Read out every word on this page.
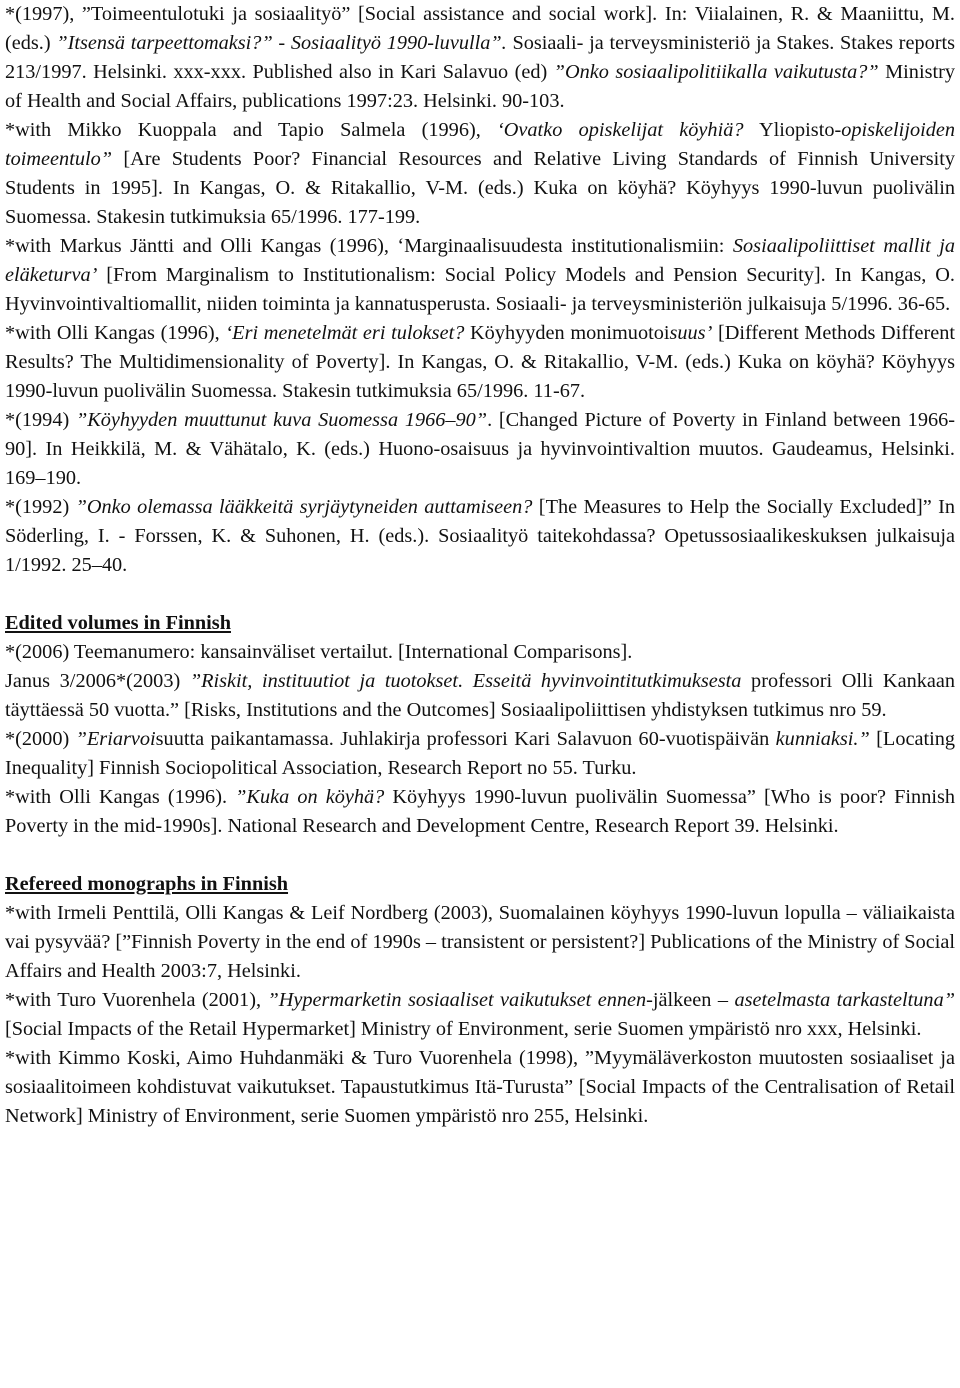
*(1997), ”Toimeentulotuki ja sosiaalityö” [Social assistance and social work]. In: Viialainen, R. & Maaniittu, M. (eds.) ”Itsensä tarpeettomaksi?” - Sosiaalityö 1990-luvulla”. Sosiaali- ja terveysministeriö ja Stakes. Stakes reports 213/1997. Helsinki. xxx-xxx. Published also in Kari Salavuo (ed) ”Onko sosiaalipolitiikalla vaikutusta?” Ministry of Health and Social Affairs, publications 1997:23. Helsinki. 90-103.

*with Mikko Kuoppala and Tapio Salmela (1996), ‘Ovatko opiskelijat köyhiä? Yliopisto-opiskelijoiden toimeentulo” [Are Students Poor? Financial Resources and Relative Living Standards of Finnish University Students in 1995]. In Kangas, O. & Ritakallio, V-M. (eds.) Kuka on köyhä? Köyhyys 1990-luvun puolivälin Suomessa. Stakesin tutkimuksia 65/1996. 177-199.

*with Markus Jäntti and Olli Kangas (1996), ‘Marginaalisuudesta institutionalismiin: Sosiaalipoliittiset mallit ja eläketurva’ [From Marginalism to Institutionalism: Social Policy Models and Pension Security]. In Kangas, O. Hyvinvointivaltiomallit, niiden toiminta ja kannatusperusta. Sosiaali- ja terveysministeriön julkaisuja 5/1996. 36-65.

*with Olli Kangas (1996), ‘Eri menetelmät eri tulokset? Köyhyyden monimuotoisuus’ [Different Methods Different Results? The Multidimensionality of Poverty]. In Kangas, O. & Ritakallio, V-M. (eds.) Kuka on köyhä? Köyhyys 1990-luvun puolivälin Suomessa. Stakesin tutkimuksia 65/1996. 11-67.

*(1994) ”Köyhyyden muuttunut kuva Suomessa 1966–90”. [Changed Picture of Poverty in Finland between 1966-90]. In Heikkilä, M. & Vähätalo, K. (eds.) Huono-osaisuus ja hyvinvointivaltion muutos. Gaudeamus, Helsinki. 169–190.

*(1992) ”Onko olemassa lääkkeitä syrjäytyneiden auttamiseen? [The Measures to Help the Socially Excluded]” In Söderling, I. - Forssen, K. & Suhonen, H. (eds.). Sosiaalityö taitekohdassa? Opetussosiaalikeskuksen julkaisuja 1/1992. 25–40.

Edited volumes in Finnish

*(2006) Teemanumero: kansainväliset vertailut. [International Comparisons].

Janus 3/2006*(2003) ”Riskit, instituutiot ja tuotokset. Esseitä hyvinvointitutkimuksesta professori Olli Kankaan täyttäessä 50 vuotta.” [Risks, Institutions and the Outcomes] Sosiaalipoliittisen yhdistyksen tutkimus nro 59.

*(2000) ”Eriarvoisuutta paikantamassa. Juhlakirja professori Kari Salavuon 60-vuotispäivän kunniaksi.” [Locating Inequality] Finnish Sociopolitical Association, Research Report no 55. Turku.

*with Olli Kangas (1996). ”Kuka on köyhä? Köyhyys 1990-luvun puolivälin Suomessa” [Who is poor? Finnish Poverty in the mid-1990s]. National Research and Development Centre, Research Report 39. Helsinki.

Refereed monographs in Finnish

*with Irmeli Penttilä, Olli Kangas & Leif Nordberg (2003), Suomalainen köyhyys 1990-luvun lopulla – väliaikaista vai pysyvää? [”Finnish Poverty in the end of 1990s – transistent or persistent?] Publications of the Ministry of Social Affairs and Health 2003:7, Helsinki.

*with Turo Vuorenhela (2001), ”Hypermarketin sosiaaliset vaikutukset ennen-jälkeen – asetelmasta tarkasteltuna” [Social Impacts of the Retail Hypermarket] Ministry of Environment, serie Suomen ympäristö nro xxx, Helsinki.

*with Kimmo Koski, Aimo Huhdanmäki & Turo Vuorenhela (1998), ”Myymäläverkoston muutosten sosiaaliset ja sosiaalitoimeen kohdistuvat vaikutukset. Tapaustutkimus Itä-Turusta” [Social Impacts of the Centralisation of Retail Network] Ministry of Environment, serie Suomen ympäristö nro 255, Helsinki.
